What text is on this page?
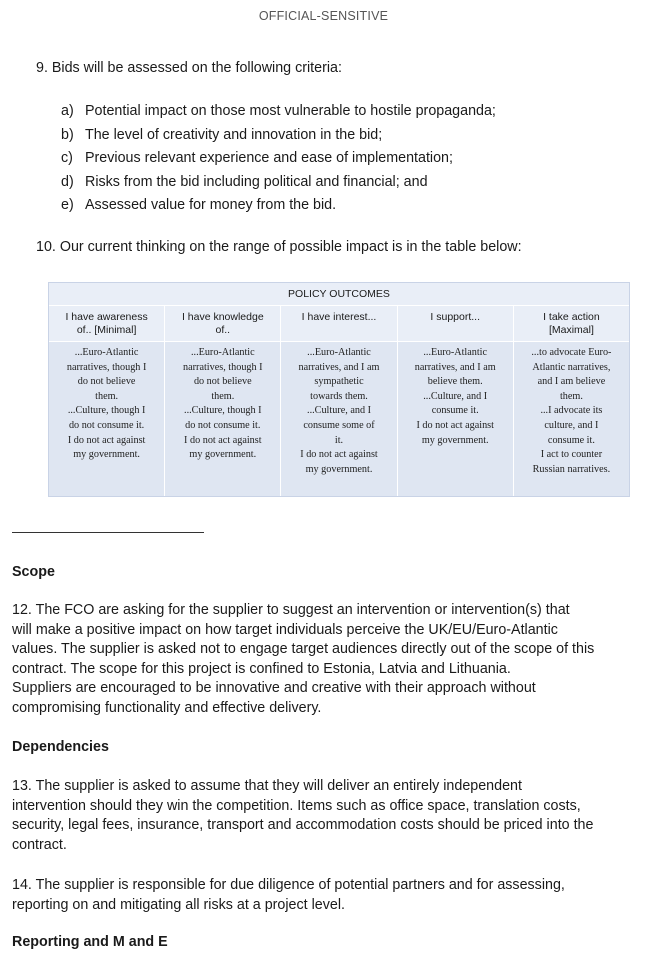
OFFICIAL-SENSITIVE
9. Bids will be assessed on the following criteria:
a) Potential impact on those most vulnerable to hostile propaganda;
b) The level of creativity and innovation in the bid;
c) Previous relevant experience and ease of implementation;
d) Risks from the bid including political and financial; and
e) Assessed value for money from the bid.
10. Our current thinking on the range of possible impact is in the table below:
POLICY OUTCOMES
I have awareness
of.. [Minimal]
...Euro-Atlantic
narratives, though I
do not believe
them.
...Culture, though I
do not consume it.
I do not act against
my government.
I have knowledge
of..
...Euro-Atlantic
narratives, though I
do not believe
them.
...Culture, though I
do not consume it.
I do not act against
my government.
I have interest...
...Euro-Atlantic
narratives, and I am
sympathetic
towards them.
...Culture, and I
consume some of
it.
I do not act against
my government.
I support...
...Euro-Atlantic
narratives, and I am
believe them.
...Culture, and I
consume it.
I do not act against
my government.
I take action
[Maximal]
...to advocate Euro-
Atlantic narratives,
and I am believe
them.
...I advocate its
culture, and I
consume it.
I act to counter
Russian narratives.
Scope
12. The FCO are asking for the supplier to suggest an intervention or intervention(s) that
will make a positive impact on how target individuals perceive the UK/EU/Euro-Atlantic
values. The supplier is asked not to engage target audiences directly out of the scope of this
contract. The scope for this project is confined to Estonia, Latvia and Lithuania.
Suppliers are encouraged to be innovative and creative with their approach without
compromising functionality and effective delivery.
Dependencies
13. The supplier is asked to assume that they will deliver an entirely independent
intervention should they win the competition. Items such as office space, translation costs,
security, legal fees, insurance, transport and accommodation costs should be priced into the
contract.
14. The supplier is responsible for due diligence of potential partners and for assessing,
reporting on and mitigating all risks at a project level.
Reporting and M and E
